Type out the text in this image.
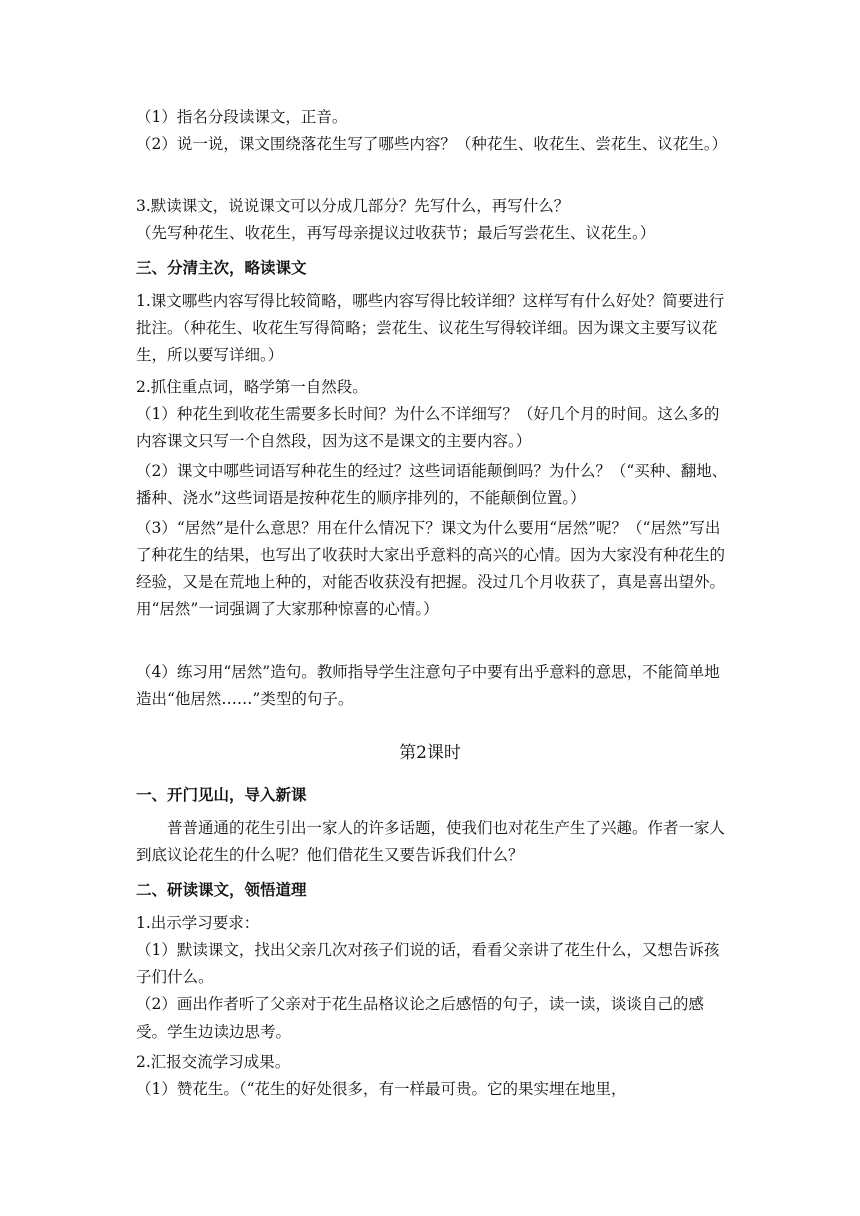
（1）指名分段读课文，正音。

（2）说一说，课文围绕落花生写了哪些内容？（种花生、收花生、尝花生、议花生。）

3.默读课文，说说课文可以分成几部分？先写什么，再写什么？

（先写种花生、收花生，再写母亲提议过收获节；最后写尝花生、议花生。）

三、分清主次，略读课文

1.课文哪些内容写得比较简略，哪些内容写得比较详细？这样写有什么好处？简要进行批注。（种花生、收花生写得简略；尝花生、议花生写得较详细。因为课文主要写议花生，所以要写详细。）

2.抓住重点词，略学第一自然段。

（1）种花生到收花生需要多长时间？为什么不详细写？（好几个月的时间。这么多的内容课文只写一个自然段，因为这不是课文的主要内容。）

（2）课文中哪些词语写种花生的经过？这些词语能颠倒吗？为什么？（“买种、翻地、播种、浇水”这些词语是按种花生的顺序排列的，不能颠倒位置。）

（3）“居然”是什么意思？用在什么情况下？课文为什么要用“居然”呢？（“居然”写出了种花生的结果，也写出了收获时大家出乎意料的高兴的心情。因为大家没有种花生的经验，又是在荒地上种的，对能否收获没有把握。没过几个月收获了，真是喜出望外。用“居然”一词强调了大家那种惊喜的心情。）

（4）练习用“居然”造句。教师指导学生注意句子中要有出乎意料的意思，不能简单地造出“他居然……”类型的句子。

第2课时
一、开门见山，导入新课

普普通通的花生引出一家人的许多话题，使我们也对花生产生了兴趣。作者一家人到底议论花生的什么呢？他们借花生又要告诉我们什么？

二、研读课文，领悟道理

1.出示学习要求：

（1）默读课文，找出父亲几次对孩子们说的话，看看父亲讲了花生什么，又想告诉孩子们什么。

（2）画出作者听了父亲对于花生品格议论之后感悟的句子，读一读，谈谈自己的感受。学生边读边思考。

2.汇报交流学习成果。

（1）赞花生。（“花生的好处很多，有一样最可贵。它的果实埋在地里，
